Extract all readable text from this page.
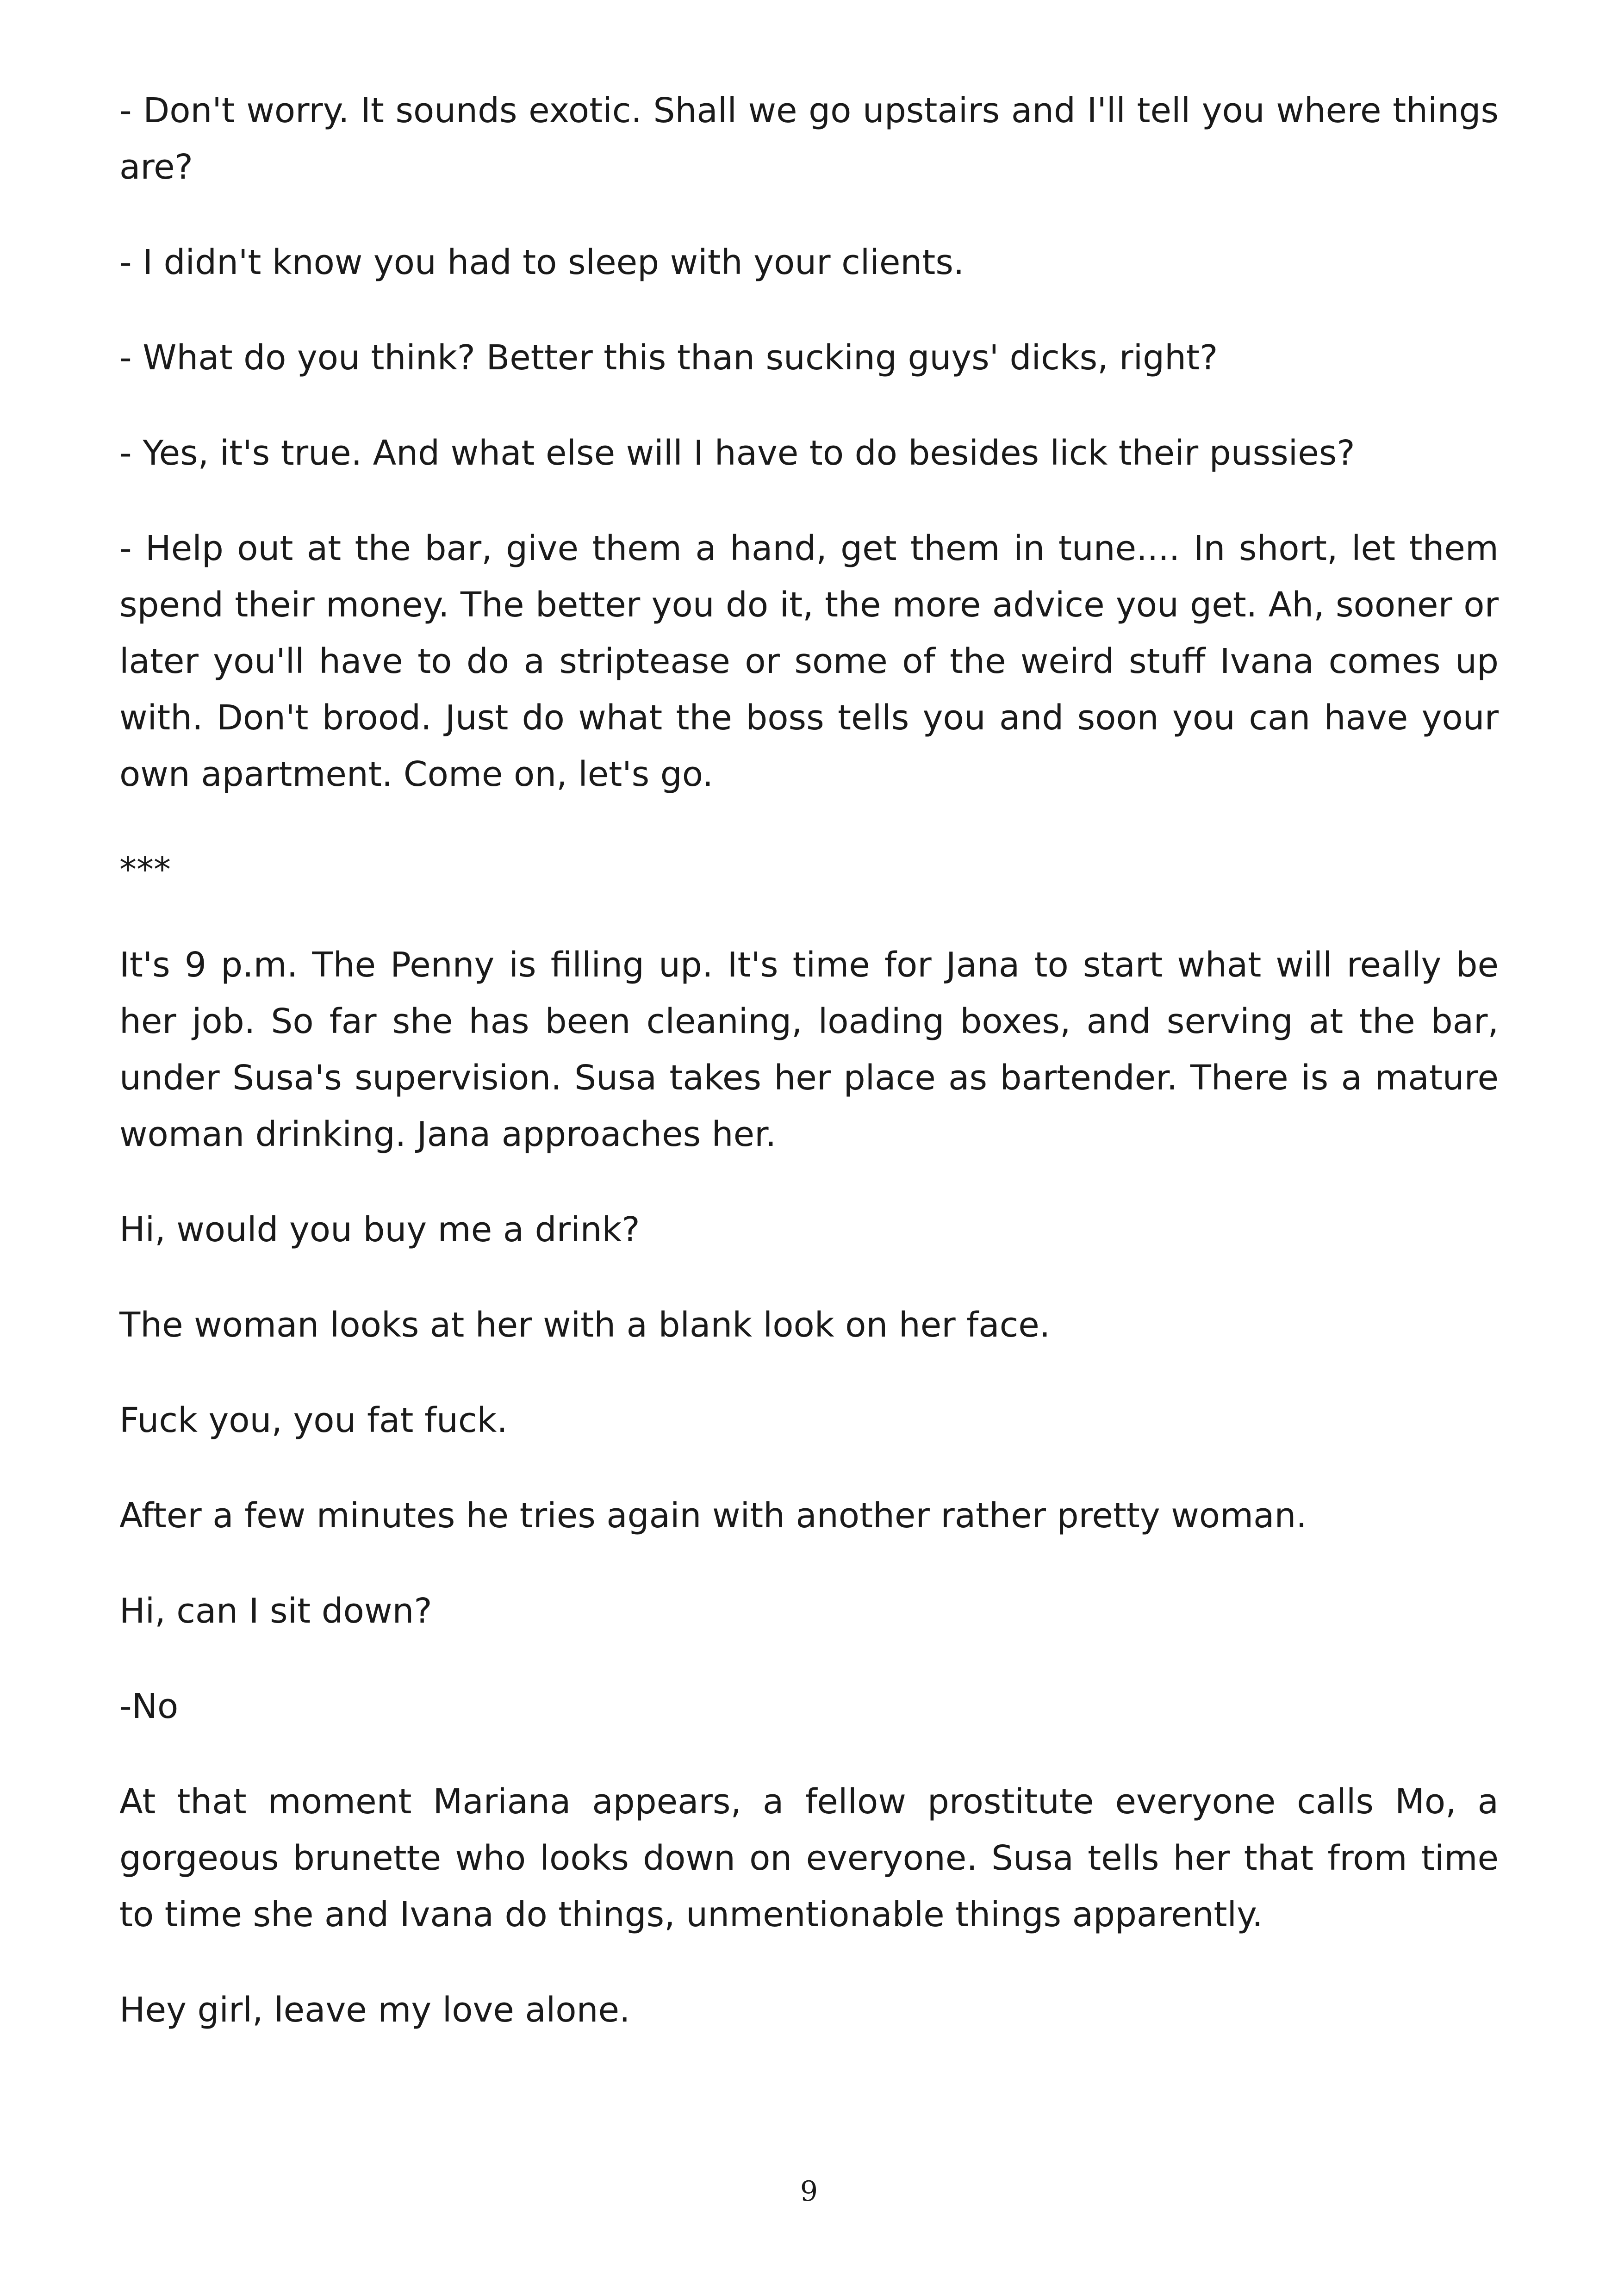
- Don't worry. It sounds exotic. Shall we go upstairs and I'll tell you where things are?

- I didn't know you had to sleep with your clients.

- What do you think? Better this than sucking guys' dicks, right?

- Yes, it's true. And what else will I have to do besides lick their pussies?

- Help out at the bar, give them a hand, get them in tune.... In short, let them spend their money. The better you do it, the more advice you get. Ah, sooner or later you'll have to do a striptease or some of the weird stuff Ivana comes up with. Don't brood. Just do what the boss tells you and soon you can have your own apartment. Come on, let's go.

***

It's 9 p.m. The Penny is filling up. It's time for Jana to start what will really be her job. So far she has been cleaning, loading boxes, and serving at the bar, under Susa's supervision. Susa takes her place as bartender. There is a mature woman drinking. Jana approaches her.

Hi, would you buy me a drink?

The woman looks at her with a blank look on her face.

Fuck you, you fat fuck.

After a few minutes he tries again with another rather pretty woman.

Hi, can I sit down?

-No

At that moment Mariana appears, a fellow prostitute everyone calls Mo, a gorgeous brunette who looks down on everyone. Susa tells her that from time to time she and Ivana do things, unmentionable things apparently.

Hey girl, leave my love alone.

9
